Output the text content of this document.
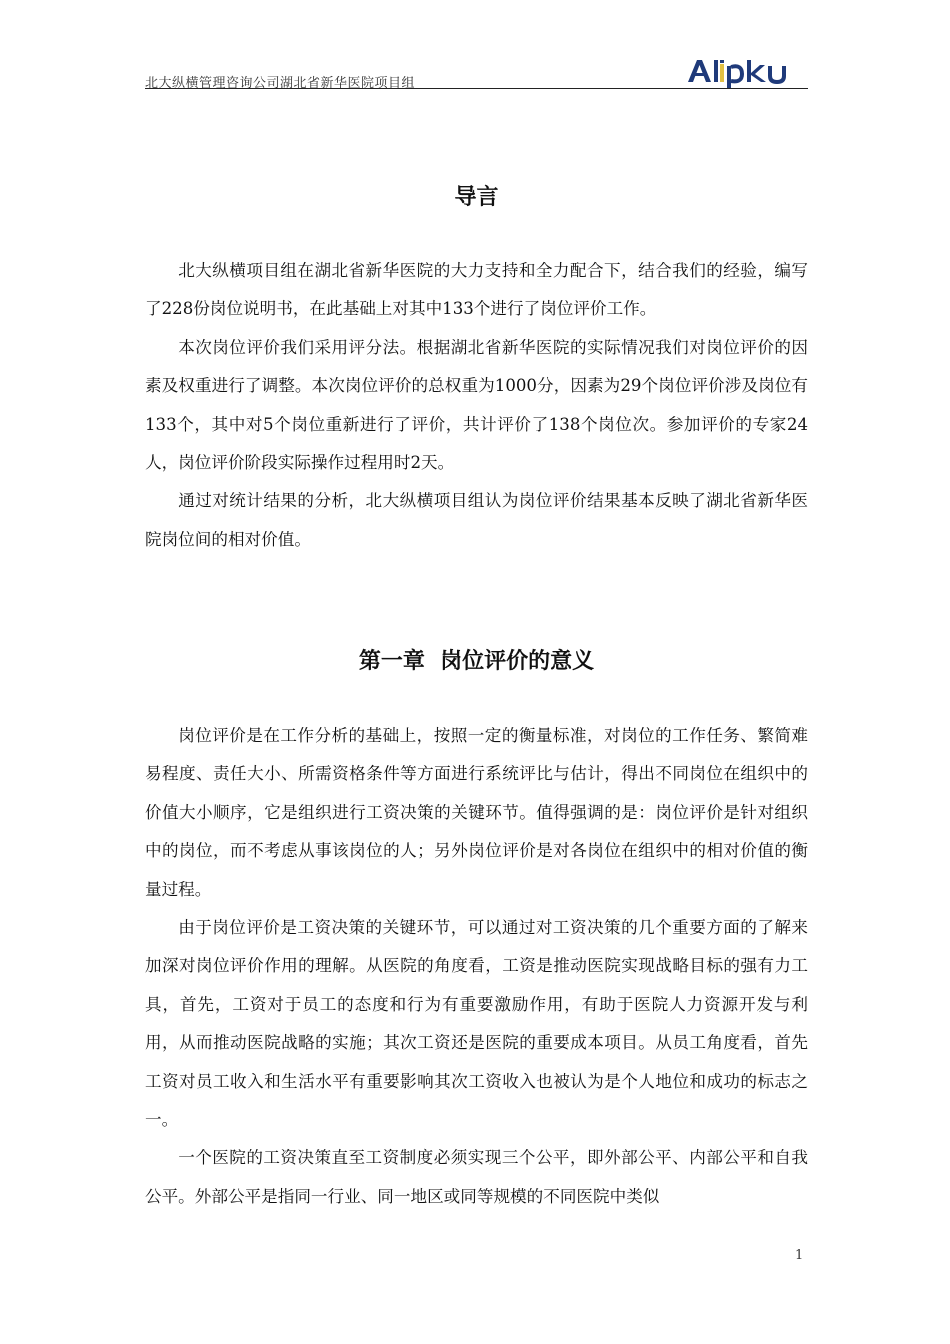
北大纵横管理咨询公司湖北省新华医院项目组
导言

北大纵横项目组在湖北省新华医院的大力支持和全力配合下，结合我们的经验，编写了228份岗位说明书，在此基础上对其中133个进行了岗位评价工作。

本次岗位评价我们采用评分法。根据湖北省新华医院的实际情况我们对岗位评价的因素及权重进行了调整。本次岗位评价的总权重为1000分，因素为29个岗位评价涉及岗位有133个，其中对5个岗位重新进行了评价，共计评价了138个岗位次。参加评价的专家24人，岗位评价阶段实际操作过程用时2天。

通过对统计结果的分析，北大纵横项目组认为岗位评价结果基本反映了湖北省新华医院岗位间的相对价值。

第一章  岗位评价的意义

岗位评价是在工作分析的基础上，按照一定的衡量标准，对岗位的工作任务、繁简难易程度、责任大小、所需资格条件等方面进行系统评比与估计，得出不同岗位在组织中的价值大小顺序，它是组织进行工资决策的关键环节。值得强调的是：岗位评价是针对组织中的岗位，而不考虑从事该岗位的人；另外岗位评价是对各岗位在组织中的相对价值的衡量过程。

由于岗位评价是工资决策的关键环节，可以通过对工资决策的几个重要方面的了解来加深对岗位评价作用的理解。从医院的角度看，工资是推动医院实现战略目标的强有力工具，首先，工资对于员工的态度和行为有重要激励作用，有助于医院人力资源开发与利用，从而推动医院战略的实施；其次工资还是医院的重要成本项目。从员工角度看，首先工资对员工收入和生活水平有重要影响其次工资收入也被认为是个人地位和成功的标志之一。

一个医院的工资决策直至工资制度必须实现三个公平，即外部公平、内部公平和自我公平。外部公平是指同一行业、同一地区或同等规模的不同医院中类似

1
